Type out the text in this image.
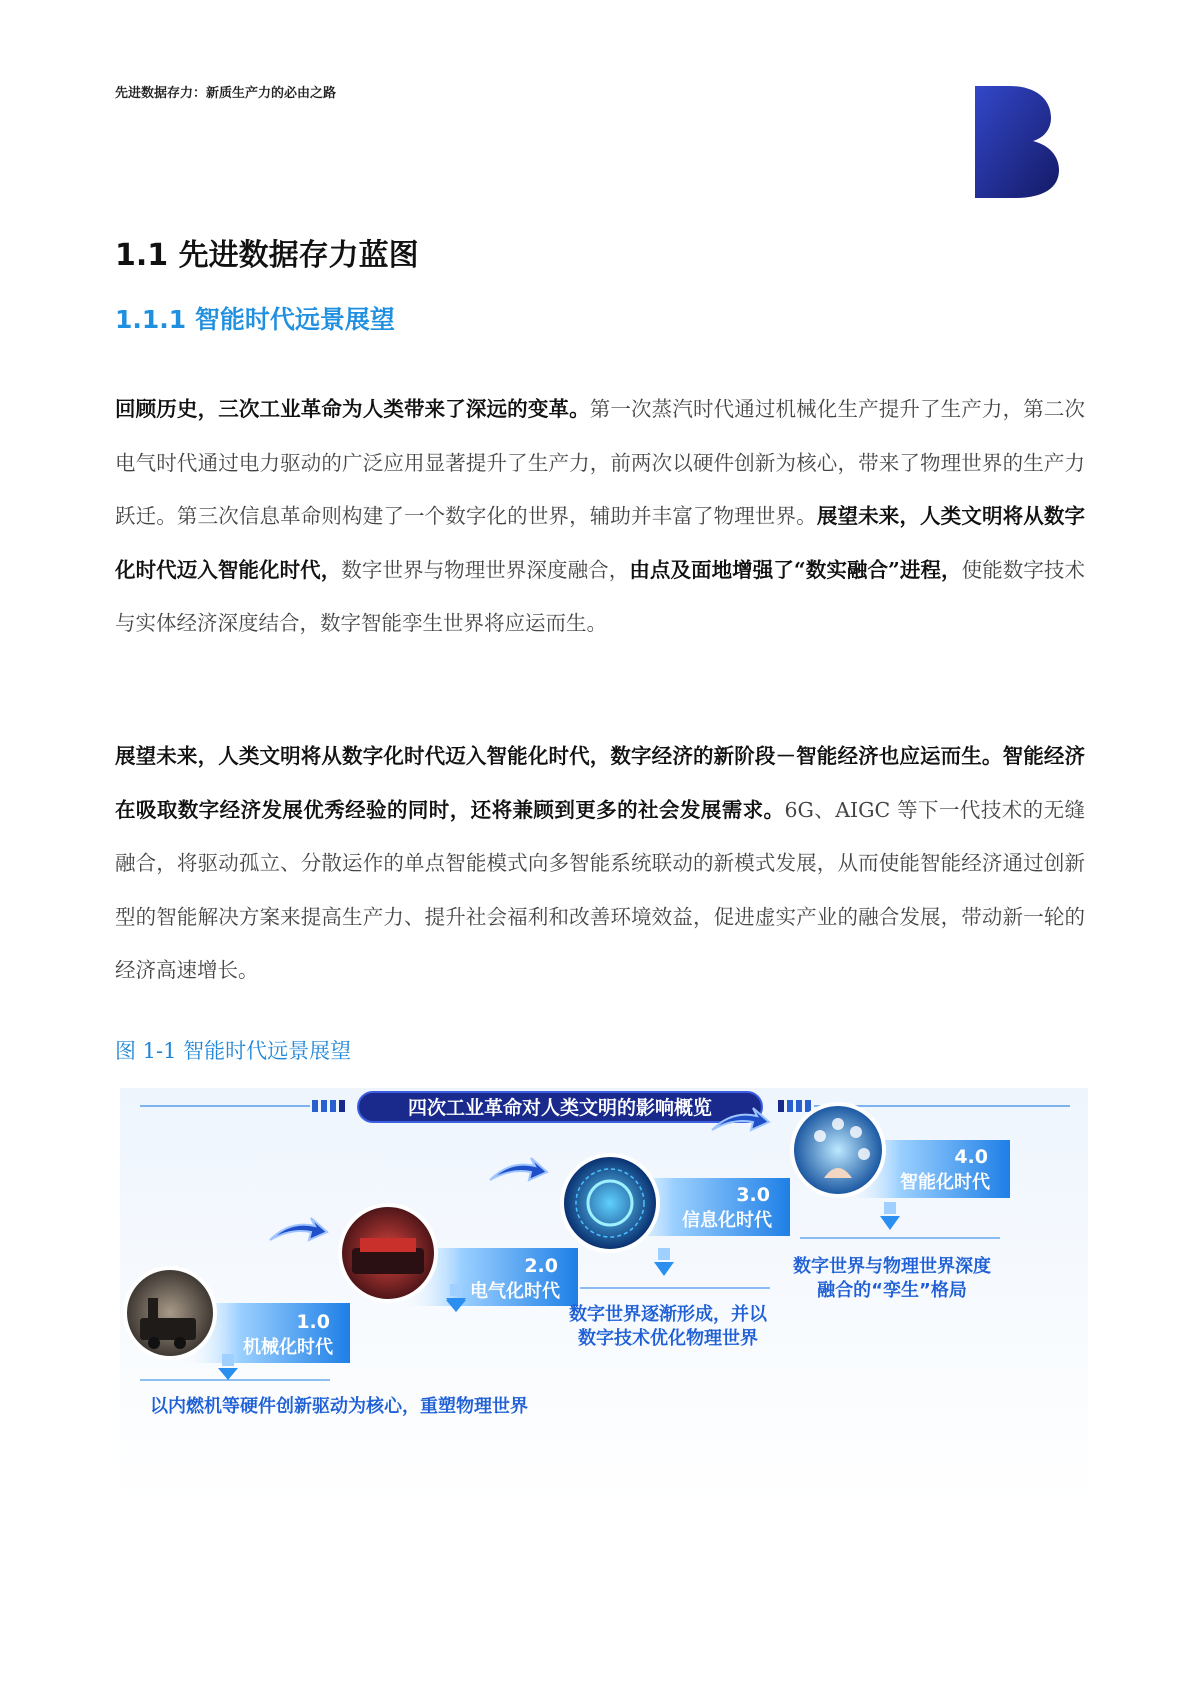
先进数据存力：新质生产力的必由之路
1.1 先进数据存力蓝图
1.1.1 智能时代远景展望

回顾历史，三次工业革命为人类带来了深远的变革。第一次蒸汽时代通过机械化生产提升了生产力，第二次电气时代通过电力驱动的广泛应用显著提升了生产力，前两次以硬件创新为核心，带来了物理世界的生产力跃迁。第三次信息革命则构建了一个数字化的世界，辅助并丰富了物理世界。展望未来，人类文明将从数字化时代迈入智能化时代，数字世界与物理世界深度融合，由点及面地增强了“数实融合”进程，使能数字技术与实体经济深度结合，数字智能孪生世界将应运而生。

展望未来，人类文明将从数字化时代迈入智能化时代，数字经济的新阶段－智能经济也应运而生。智能经济在吸取数字经济发展优秀经验的同时，还将兼顾到更多的社会发展需求。6G、AIGC 等下一代技术的无缝融合，将驱动孤立、分散运作的单点智能模式向多智能系统联动的新模式发展，从而使能智能经济通过创新型的智能解决方案来提高生产力、提升社会福利和改善环境效益，促进虚实产业的融合发展，带动新一轮的经济高速增长。

图 1-1 智能时代远景展望
四次工业革命对人类文明的影响概览
1.0
机械化时代
以内燃机等硬件创新驱动为核心，重塑物理世界
2.0
电气化时代
3.0
信息化时代
数字世界逐渐形成，并以
数字技术优化物理世界
4.0
智能化时代
数字世界与物理世界深度
融合的“孪生”格局
